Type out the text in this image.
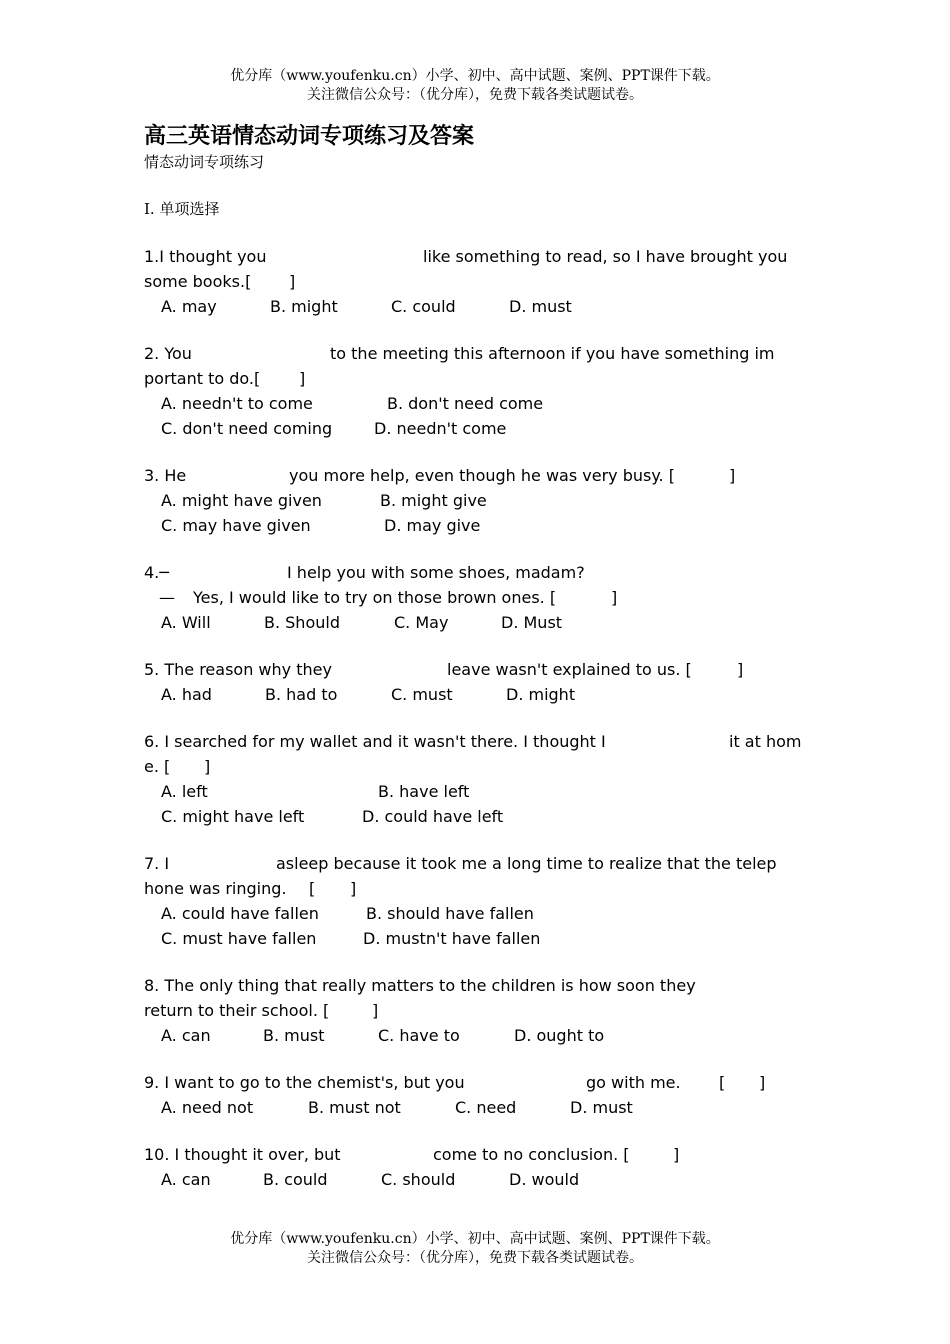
优分库（www.youfenku.cn）小学、初中、高中试题、案例、PPT课件下载。
关注微信公众号：（优分库），免费下载各类试题试卷。
高三英语情态动词专项练习及答案
情态动词专项练习
Ⅰ. 单项选择
1.I thought you	like something to read, so I have brought you
some books.[ ]
A. may	B. might	C. could	D. must
2. You	to the meeting this afternoon if you have something im
portant to do.[ ]
A. needn't to come	B. don't need come
C. don't need coming	D. needn't come
3. He	you more help, even though he was very busy. [	]
A. might have given	B. might give
C. may have given	D. may give
4.─	I help you with some shoes, madam?
— Yes, I would like to try on those brown ones. [	]
A. Will	B. Should	C. May	D. Must
5. The reason why they	leave wasn't explained to us. [	]
A. had	B. had to	C. must	D. might
6. I searched for my wallet and it wasn't there. I thought I	it at hom
e. [ ]
A. left	B. have left
C. might have left	D. could have left
7. I	asleep because it took me a long time to realize that the telep
hone was ringing. [ ]
A. could have fallen	B. should have fallen
C. must have fallen	D. mustn't have fallen
8. The only thing that really matters to the children is how soon they
return to their school. [	]
A. can	B. must	C. have to	D. ought to
9. I want to go to the chemist's, but you	go with me. [ ]
A. need not	B. must not	C. need	D. must
10. I thought it over, but	come to no conclusion. [	]
A. can	B. could	C. should	D. would
优分库（www.youfenku.cn）小学、初中、高中试题、案例、PPT课件下载。
关注微信公众号：（优分库），免费下载各类试题试卷。
